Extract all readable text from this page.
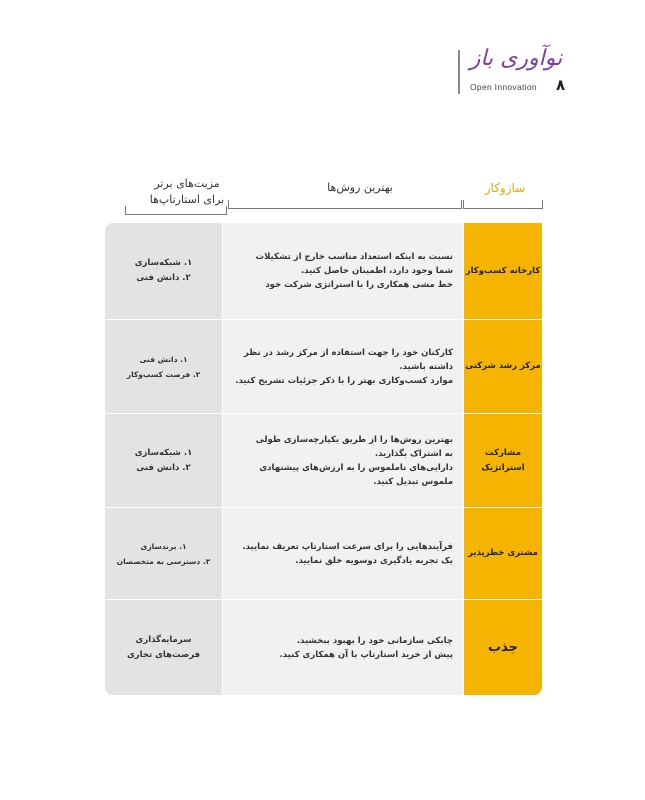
نوآوری باز
Open Innovation ۸
سازوکار
بهترین روش‌ها
مزیت‌های برتر
برای استارتاپ‌ها
کارخانه کسب‌وکار
نسبت به اینکه استعداد مناسب خارج از تشکیلات
شما وجود دارد، اطمینان حاصل کنید.
خط مشی همکاری را با استراتژی شرکت خود
۱. شبکه‌سازی
۲. دانش فنی
مرکز رشد شرکتی
کارکنان خود را جهت استفاده از مرکز رشد در نظر
داشته باشید.
موارد کسب‌وکاری بهتر را با ذکر جزئیات تشریح کنید.
۱. دانش فنی
۲. فرصت کسب‌وکار
مشارکت
استراتژیک
بهترین روش‌ها را از طریق یکپارچه‌سازی طولی
به اشتراک بگذارید.
دارایی‌های ناملموس را به ارزش‌های پیشنهادی
ملموس تبدیل کنید.
۱. شبکه‌سازی
۲. دانش فنی
مشتری خطرپذیر
فرآیندهایی را برای سرعت استارتاپ تعریف نمایید.
یک تجربه یادگیری دوسویه خلق نمایید.
۱. برندسازی
۲. دسترسی به متخصصان
جذب
چابکی سازمانی خود را بهبود ببخشید.
پیش از خرید استارتاپ با آن همکاری کنید.
سرمایه‌گذاری
فرصت‌های تجاری
